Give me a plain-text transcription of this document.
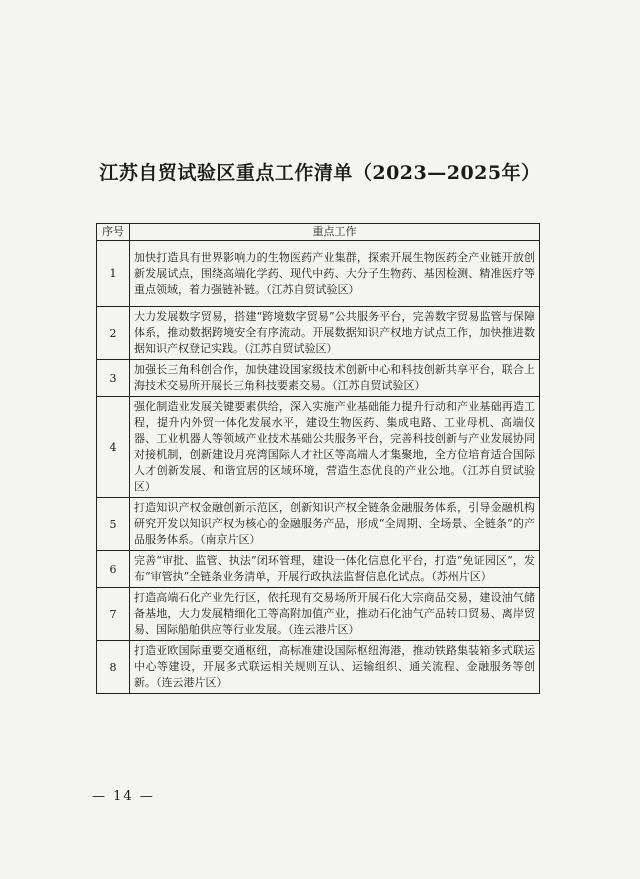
江苏自贸试验区重点工作清单（2023—2025年）
序号	重点工作
1	加快打造具有世界影响力的生物医药产业集群，探索开展生物医药全产业链开放创新发展试点，围绕高端化学药、现代中药、大分子生物药、基因检测、精准医疗等重点领域，着力强链补链。（江苏自贸试验区）
2	大力发展数字贸易，搭建“跨境数字贸易”公共服务平台，完善数字贸易监管与保障体系，推动数据跨境安全有序流动。开展数据知识产权地方试点工作，加快推进数据知识产权登记实践。（江苏自贸试验区）
3	加强长三角科创合作，加快建设国家级技术创新中心和科技创新共享平台，联合上海技术交易所开展长三角科技要素交易。（江苏自贸试验区）
4	强化制造业发展关键要素供给，深入实施产业基础能力提升行动和产业基础再造工程，提升内外贸一体化发展水平，建设生物医药、集成电路、工业母机、高端仪器、工业机器人等领域产业技术基础公共服务平台，完善科技创新与产业发展协同对接机制，创新建设月亮湾国际人才社区等高端人才集聚地，全方位培育适合国际人才创新发展、和谐宜居的区域环境，营造生态优良的产业公地。（江苏自贸试验区）
5	打造知识产权金融创新示范区，创新知识产权全链条金融服务体系，引导金融机构研究开发以知识产权为核心的金融服务产品，形成“全周期、全场景、全链条”的产品服务体系。（南京片区）
6	完善“审批、监管、执法”闭环管理，建设一体化信息化平台，打造“免证园区”，发布“审管执”全链条业务清单，开展行政执法监督信息化试点。（苏州片区）
7	打造高端石化产业先行区，依托现有交易场所开展石化大宗商品交易，建设油气储备基地，大力发展精细化工等高附加值产业，推动石化油气产品转口贸易、离岸贸易、国际船舶供应等行业发展。（连云港片区）
8	打造亚欧国际重要交通枢纽，高标准建设国际枢纽海港，推动铁路集装箱多式联运中心等建设，开展多式联运相关规则互认、运输组织、通关流程、金融服务等创新。（连云港片区）
— 14 —
